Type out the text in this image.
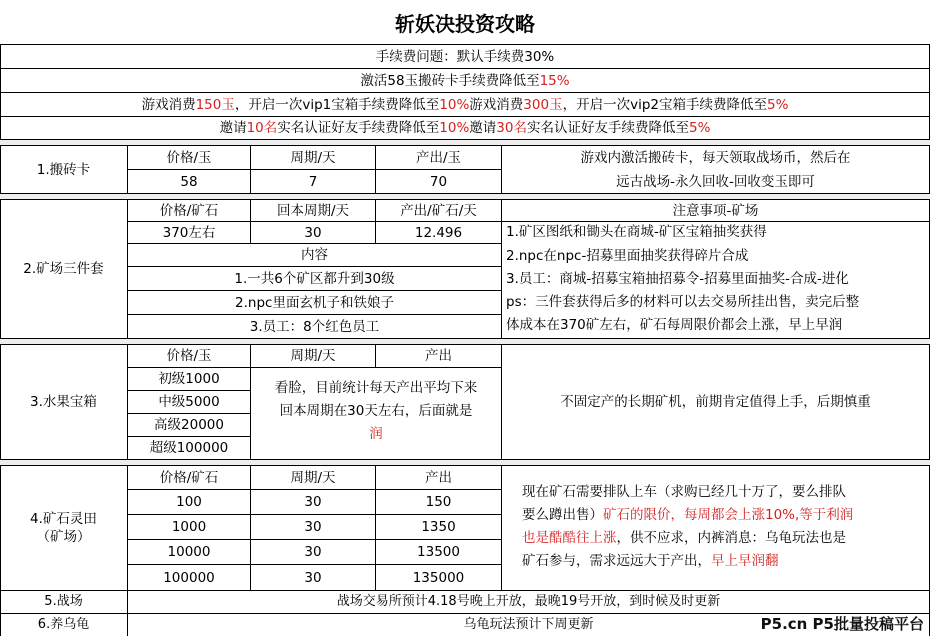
斩妖决投资攻略
手续费问题：默认手续费30%
激活58玉搬砖卡手续费降低至 15%
游戏消费 150玉 ，开启一次vip1宝箱手续费降低至 10% 游戏消费 300玉 ，开启一次vip2宝箱手续费降低至 5%
邀请 10名 实名认证好友手续费降低至 10% 邀请 30名 实名认证好友手续费降低至 5%
1.搬砖卡
价格/玉	周期/天	产出/玉
58	7	70
游戏内激活搬砖卡，每天领取战场币，然后在
远古战场-永久回收-回收变玉即可
2.矿场三件套
价格/矿石	回本周期/天	产出/矿石/天
370左右	30	12.496
内容
1.一共6个矿区都升到30级
2.npc里面玄机子和铁娘子
3.员工：8个红色员工
注意事项-矿场
1.矿区图纸和锄头在商城-矿区宝箱抽奖获得
2.npc在npc-招募里面抽奖获得碎片合成
3.员工：商城-招募宝箱抽招募令-招募里面抽奖-合成-进化
ps：三件套获得后多的材料可以去交易所挂出售，卖完后整
体成本在370矿左右，矿石每周限价都会上涨，早上早润
3.水果宝箱
价格/玉	周期/天	产出
初级1000
中级5000
高级20000
超级100000
看脸，目前统计每天产出平均下来
回本周期在30天左右，后面就是
润
不固定产的长期矿机，前期肯定值得上手，后期慎重
4.矿石灵田
（矿场）
价格/矿石	周期/天	产出
100	30	150
1000	30	1350
10000	30	13500
100000	30	135000
现在矿石需要排队上车（求购已经几十万了，要么排队
要么蹲出售）矿石的限价，每周都会上涨10%,等于利润
也是酷酷往上涨，供不应求，内裤消息：乌龟玩法也是
矿石参与，需求远远大于产出，早上早润翻
5.战场	战场交易所预计4.18号晚上开放，最晚19号开放，到时候及时更新
6.养乌龟	乌龟玩法预计下周更新	P5.cn P5批量投稿平台
